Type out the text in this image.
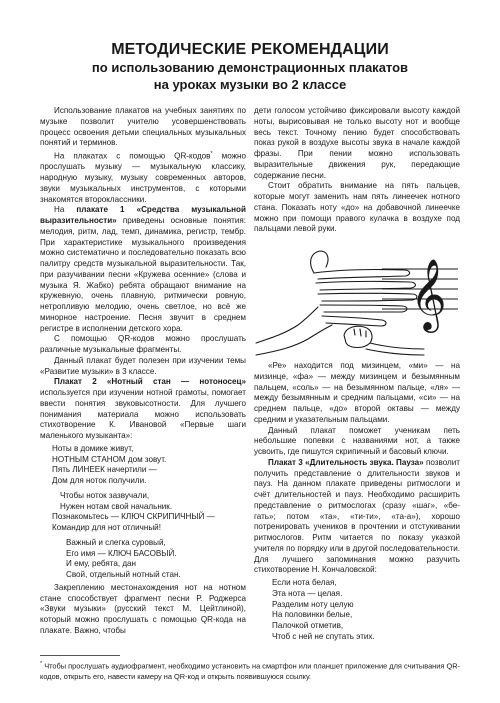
МЕТОДИЧЕСКИЕ РЕКОМЕНДАЦИИ
по использованию демонстрационных плакатов
на уроках музыки во 2 классе

Использование плакатов на учебных занятиях по музыке позволит учителю усовершенствовать процесс освоения детьми специальных музыкальных понятий и терминов.

На плакатах с помощью QR-кодов* можно прослушать музыку — музыкальную классику, народную музыку, музыку современных авторов, звуки музыкальных инструментов, с которыми знакомятся второклассники.

На плакате 1 «Средства музыкальной выразительности» приведены основные понятия: мелодия, ритм, лад, темп, динамика, регистр, тембр. При характеристике музыкального произведения можно систематично и последовательно показать всю палитру средств музыкальной выразительности. Так, при разучивании песни «Кружева осенние» (слова и музыка Я. Жабко) ребята обращают внимание на кружевную, очень плавную, ритмически ровную, нетропливую мелодию, очень светлое, но всё же минорное настроение. Песня звучит в среднем регистре в исполнении детского хора.

С помощью QR-кодов можно прослушать различные музыкальные фрагменты.

Данный плакат будет полезен при изучении темы «Развитие музыки» в 3 классе.

Плакат 2 «Нотный стан — нотоносец» используется при изучении нотной грамоты, помогает ввести понятия звуковысотности. Для лучшего понимания материала можно использовать стихотворение К. Ивановой «Первые шаги маленького музыканта»:

Ноты в домике живут,
НОТНЫМ СТАНОМ дом зовут.
Пять ЛИНЕЕК начертили —
Дом для ноток получили.
Чтобы ноток зазвучали,
Нужен нотам свой начальник.
Познакомьтесь — КЛЮЧ СКРИПИЧНЫЙ —
Командир для нот отличный!
Важный и слегка суровый,
Его имя — КЛЮЧ БАСОВЫЙ.
И ему, ребята, дан
Свой, отдельный нотный стан.

Закреплению местонахождения нот на нотном стане способствует фрагмент песни Р. Роджерса «Звуки музыки» (русский текст М. Цейтлиной), который можно прослушать с помощью QR-кода на плакате. Важно, чтобы

дети голосом устойчиво фиксировали высоту каждой ноты, вырисовывая не только высоту нот и вообще весь текст. Точному пению будет способствовать показ рукой в воздухе высоты звука в начале каждой фразы. При пении можно использовать выразительные движения рук, передающие содержание песни.

Стоит обратить внимание на пять пальцев, которые могут заменить нам пять линеечек нотного стана. Показать ноту «до» на добавочной линеечке можно при помощи правого кулачка в воздухе под пальцами левой руки.

𝄞

«Ре» находится под мизинцем, «ми» — на мизинце, «фа» — между мизинцем и безымянным пальцем, «соль» — на безымянном пальце, «ля» — между безымянным и средним пальцами, «си» — на среднем пальце, «до» второй октавы — между средним и указательным пальцами.

Данный плакат поможет ученикам петь небольшие попевки с названиями нот, а также усвоить, где пишутся скрипичный и басовый ключи.

Плакат 3 «Длительность звука. Пауза» позволит получить представление о длительности звуков и пауз. На данном плакате приведены ритмослоги и счёт длительностей и пауз. Необходимо расширить представление о ритмослогах (сразу «шаг», «бе-гать»; потом «та», «ти-ти», «та-а»), хорошо потренировать учеников в прочтении и отстукивании ритмослогов. Ритм читается по показу указкой учителя по порядку или в другой последовательности. Для лучшего запоминания можно разучить стихотворение Н. Кончаловской:

Если нота белая,
Эта нота — целая.
Разделим ноту целую
На половинки белые,
Палочкой отметив,
Чтоб с ней не спутать этих.
* Чтобы прослушать аудиофрагмент, необходимо установить на смартфон или планшет приложение для считывания QR-кодов, открыть его, навести камеру на QR-код и открыть появившуюся ссылку.
